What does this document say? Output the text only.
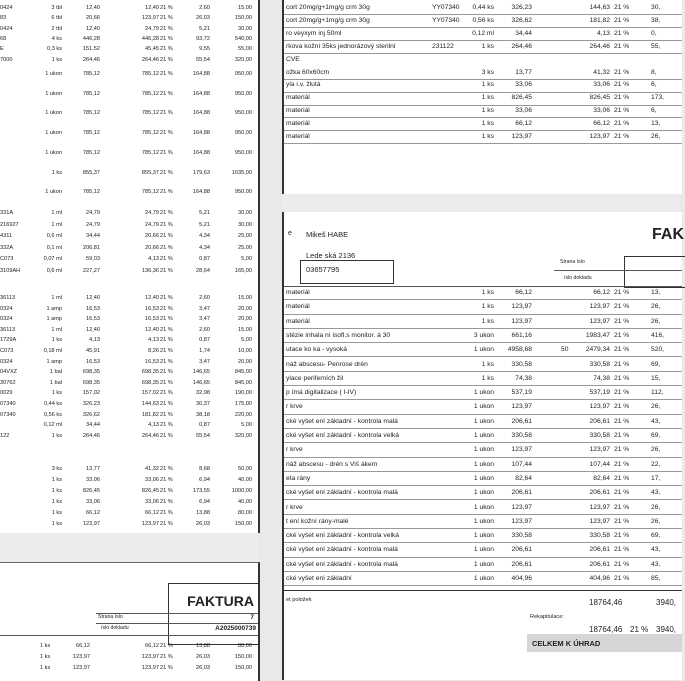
0424	3 tbl	12,40	12,40 21 %	2,60	15,00
83	6 tbl	20,66	123,97 21 %	26,03	150,00
0424	2 tbl	12,40	24,79 21 %	5,21	30,00
68	4 ks	446,28	446,28 21 %	93,72	540,00
E	0,3 ks	151,52	45,45 21 %	9,55	55,00
7000	1 ks	264,46	264,46 21 %	55,54	320,00
1 ukon	785,12	785,12 21 %	164,88	950,00
1 ukon	785,12	785,12 21 %	164,88	950,00
1 ukon	785,12	785,12 21 %	164,88	950,00
1 ukon	785,12	785,12 21 %	164,88	950,00
1 ukon	785,12	785,12 21 %	164,88	950,00
1 ks	855,37	855,37 21 %	179,63	1035,00
1 ukon	785,12	785,12 21 %	164,88	950,00
331A	1 ml	24,79	24,79 21 %	5,21	30,00
216927	1 ml	24,79	24,79 21 %	5,21	30,00
4311	0,6 ml	34,44	20,66 21 %	4,34	25,00
332A	0,1 ml	206,81	20,66 21 %	4,34	25,00
C073	0,07 ml	59,03	4,13 21 %	0,87	5,00
3109AH	0,6 ml	227,27	136,36 21 %	28,64	165,00
36113	1 ml	12,40	12,40 21 %	2,60	15,00
0324	1 amp	16,53	16,53 21 %	3,47	20,00
0324	1 amp	16,53	16,53 21 %	3,47	20,00
36113	1 ml	12,40	12,40 21 %	2,60	15,00
1729A	1 ks	4,13	4,13 21 %	0,87	5,00
C073	0,18 ml	45,91	8,26 21 %	1,74	10,00
0324	1 amp	16,53	16,53 21 %	3,47	20,00
04VXZ	1 bal	698,35	698,35 21 %	146,65	845,00
30762	1 bal	698,35	698,35 21 %	146,65	845,00
0029	1 ks	157,02	157,02 21 %	32,98	190,00
07340	0,44 ks	326,23	144,63 21 %	30,37	175,00
07340	0,56 ks	326,62	181,82 21 %	38,18	220,00
0,12 ml	34,44	4,13 21 %	0,87	5,00
122	1 ks	264,46	264,46 21 %	55,54	320,00
3 ks	13,77	41,32 21 %	8,68	50,00
1 ks	33,06	33,06 21 %	6,94	40,00
1 ks	826,45	826,45 21 %	173,55	1000,00
1 ks	33,06	33,06 21 %	6,94	40,00
1 ks	66,12	66,12 21 %	13,88	80,00
1 ks	123,97	123,97 21 %	26,03	150,00
FAKTURA
Strana íslo	7
íslo dokladu	A2025000739
1 ks	66,12	66,12 21 %	13,88	80,00
1 ks	123,97	123,97 21 %	26,03	150,00
1 ks	123,97	123,97 21 %	26,03	150,00
cort 20mg/g+1mg/g crm 30g	YY07340 0,44 ks	326,23	144,63 21 %	30,
cort 20mg/g+1mg/g crm 30g	YY07340 0,56 ks	326,62	181,82 21 %	38,
ro veyxym inj 50ml	0,12 ml	34,44	4,13 21 %	0,
rkova kožní 35ks jednorázový sterilní	231122	1 ks	264,46	264,46 21 %	55,
CVE
ožka 60x60cm	3 ks	13,77	41,32 21 %	8,
yla i.v. žlutá	1 ks	33,06	33,06 21 %	6,
materiál	1 ks	826,45	826,45 21 %	173,
materiál	1 ks	33,06	33,06 21 %	6,
materiál	1 ks	66,12	66,12 21 %	13,
materiál	1 ks	123,97	123,97 21 %	26,
e Mikeš HABE
Lede ská 2136
03657795
FAK
Strana íslo
íslo dokladu
materiál	1 ks	66,12	66,12 21 %	13,
materiál	1 ks	123,97	123,97 21 %	26,
materiál	1 ks	123,97	123,97 21 %	26,
stézie inhala ní isofl.s monitor. á 30	3 ukon	661,16	1983,47 21 %	416,
utace ko ka - vysoká	1 ukon 4958,68	50	2479,34 21 %	520,
náž abscesu- Penrose drén	1 ks	330,58	330,58 21 %	69,
ylace periferních žil	1 ks	74,38	74,38 21 %	15,
p ímá digitalizace ( I-IV)	1 ukon	537,19	537,19 21 %	112,
r krve	1 ukon	123,97	123,97 21 %	26,
cké vyšet ení základní - kontrola malá	1 ukon	206,61	206,61 21 %	43,
cké vyšet ení základní - kontrola velká	1 ukon	330,58	330,58 21 %	69,
r krve	1 ukon	123,97	123,97 21 %	26,
náž abscesu - drén s Viš ákem	1 ukon	107,44	107,44 21 %	22,
eta rány	1 ukon	82,64	82,64 21 %	17,
cké vyšet ení základní - kontrola malá	1 ukon	206,61	206,61 21 %	43,
r krve	1 ukon	123,97	123,97 21 %	26,
t ení kožní rány-malé	1 ukon	123,97	123,97 21 %	26,
cké vyšet ení základní - kontrola velká	1 ukon	330,58	330,58 21 %	69,
cké vyšet ení základní - kontrola malá	1 ukon	206,61	206,61 21 %	43,
cké vyšet ení základní - kontrola malá	1 ukon	206,61	206,61 21 %	43,
cké vyšet ení základní	1 ukon	404,96	404,96 21 %	85,
et položek	18764,46	3940,
Rekapitulace:
18764,46 21 % 3940,
CELKEM K ÚHRAD
